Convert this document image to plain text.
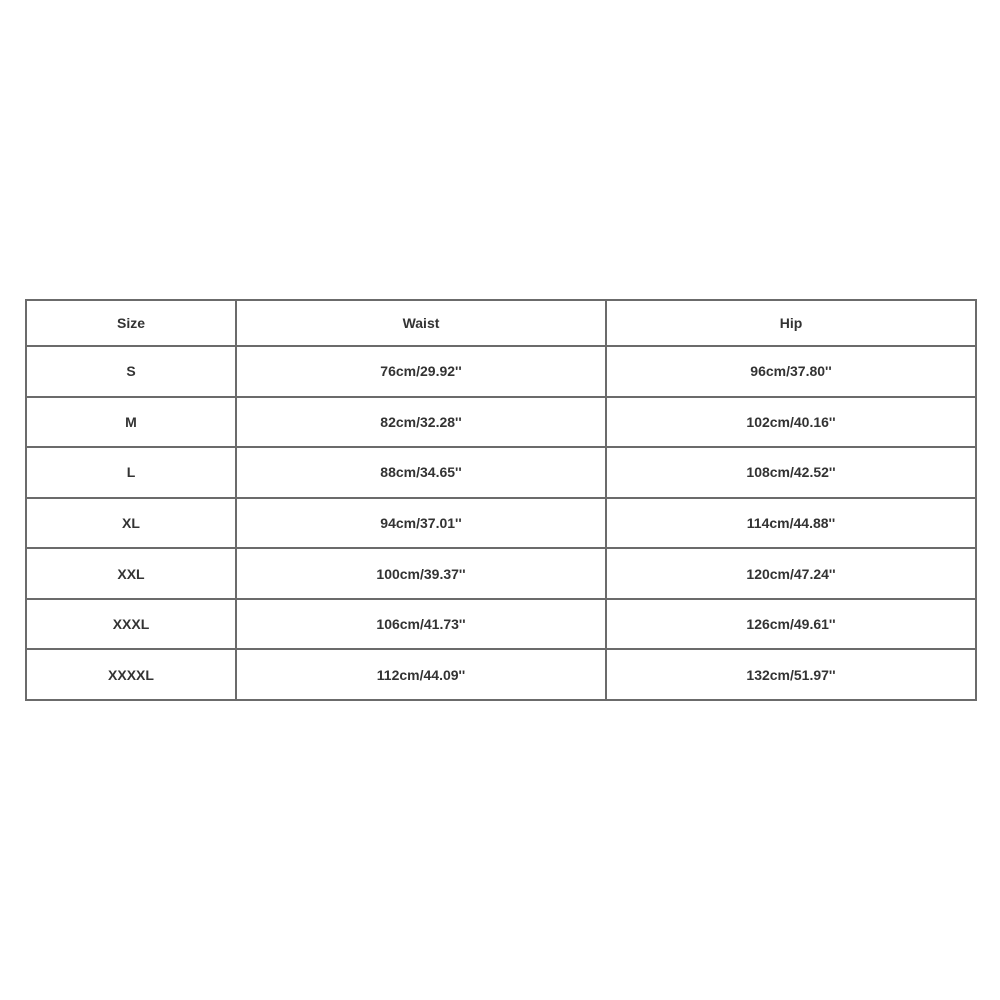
Size	Waist	Hip
S	76cm/29.92''	96cm/37.80''
M	82cm/32.28''	102cm/40.16''
L	88cm/34.65''	108cm/42.52''
XL	94cm/37.01''	114cm/44.88''
XXL	100cm/39.37''	120cm/47.24''
XXXL	106cm/41.73''	126cm/49.61''
XXXXL	112cm/44.09''	132cm/51.97''
